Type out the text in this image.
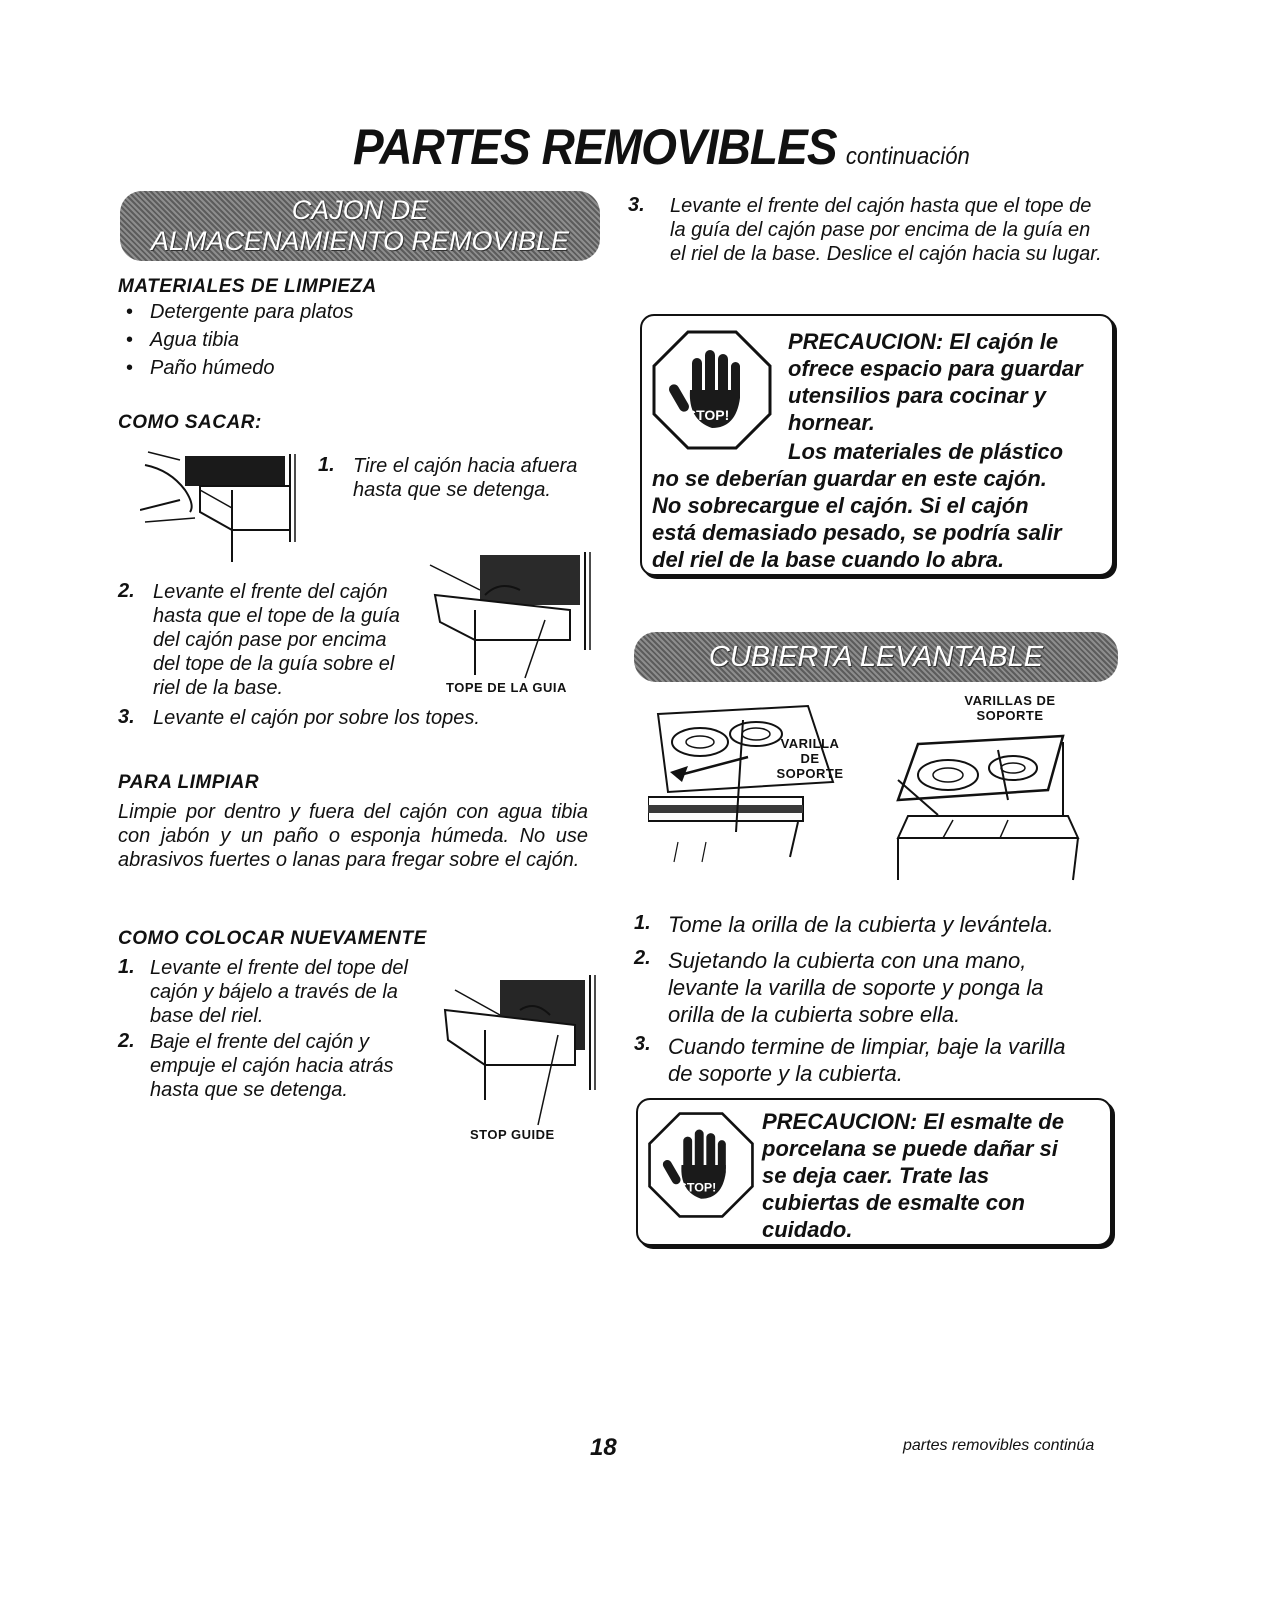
PARTES REMOVIBLES continuación
CAJON DE
ALMACENAMIENTO REMOVIBLE
MATERIALES DE LIMPIEZA
• Detergente para platos
• Agua tibia
• Paño húmedo
COMO SACAR:
1. Tire el cajón hacia afuera
hasta que se detenga.
2. Levante el frente del cajón
hasta que el tope de la guía
del cajón pase por encima
del tope de la guía sobre el
riel de la base.	TOPE DE LA GUIA
3. Levante el cajón por sobre los topes.
PARA LIMPIAR
Limpie por dentro y fuera del cajón con agua tibia con jabón y un paño o esponja húmeda. No use abrasivos fuertes o lanas para fregar sobre el cajón.
COMO COLOCAR NUEVAMENTE
1. Levante el frente del tope del
cajón y bájelo a través de la
base del riel.
2. Baje el frente del cajón y
empuje el cajón hacia atrás
hasta que se detenga.
STOP GUIDE
3. Levante el frente del cajón hasta que el tope de la guía del cajón pase por encima de la guía en el riel de la base. Deslice el cajón hacia su lugar.
STOP!
PRECAUCION: El cajón le
ofrece espacio para guardar
utensilios para cocinar y
hornear.
Los materiales de plástico
no se deberían guardar en este cajón.
No sobrecargue el cajón. Si el cajón
está demasiado pesado, se podría salir
del riel de la base cuando lo abra.
CUBIERTA LEVANTABLE
VARILLAS DE
SOPORTE
VARILLA
DE
SOPORTE
1. Tome la orilla de la cubierta y levántela.
2. Sujetando la cubierta con una mano,
levante la varilla de soporte y ponga la
orilla de la cubierta sobre ella.
3. Cuando termine de limpiar, baje la varilla
de soporte y la cubierta.
STOP!
PRECAUCION: El esmalte de
porcelana se puede dañar si
se deja caer. Trate las
cubiertas de esmalte con
cuidado.
18	partes removibles continúa
